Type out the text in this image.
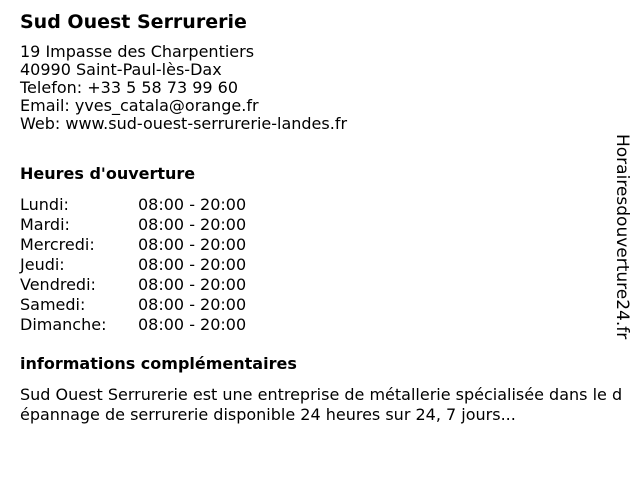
Sud Ouest Serrurerie
19 Impasse des Charpentiers
40990 Saint-Paul-lès-Dax
Telefon: +33 5 58 73 99 60
Email: yves_catala@orange.fr
Web: www.sud-ouest-serrurerie-landes.fr
Heures d'ouverture
Lundi:	08:00 - 20:00
Mardi:	08:00 - 20:00
Mercredi:	08:00 - 20:00
Jeudi:	08:00 - 20:00
Vendredi:	08:00 - 20:00
Samedi:	08:00 - 20:00
Dimanche: 08:00 - 20:00
informations complémentaires

Sud Ouest Serrurerie est une entreprise de métallerie spécialisée dans le dépannage de serrurerie disponible 24 heures sur 24, 7 jours...

Horairesdouverture24.fr
